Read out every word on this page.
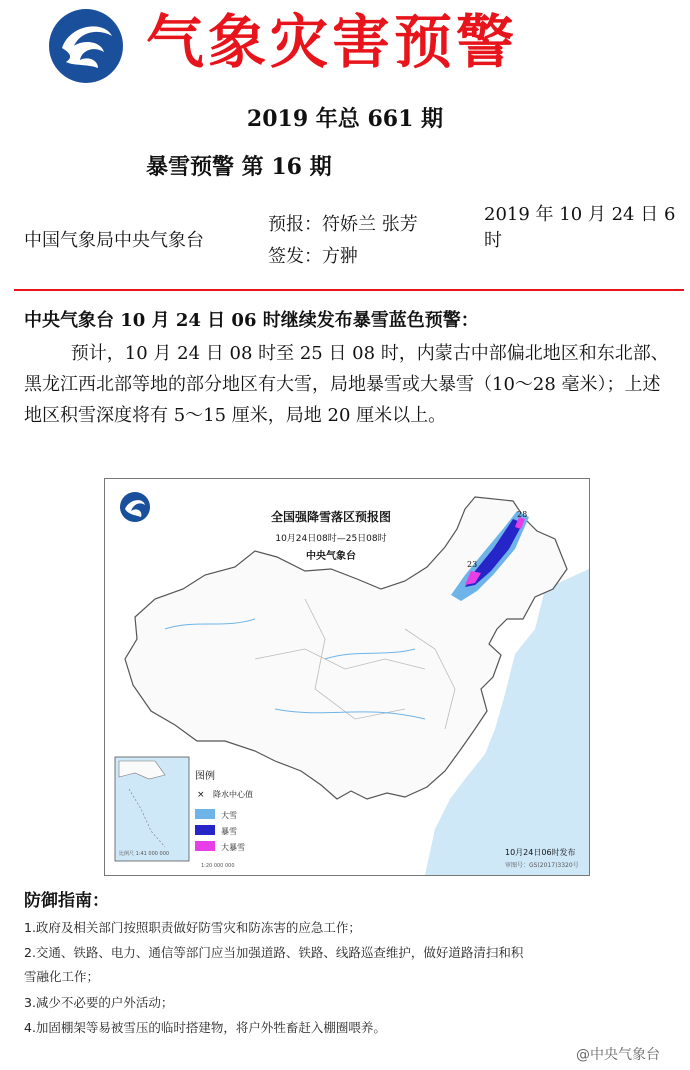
气象灾害预警
2019 年总 661 期
暴雪预警 第 16 期
中国气象局中央气象台
预报：符娇兰 张芳
签发：方翀
2019 年 10 月 24 日 6 时
中央气象台 10 月 24 日 06 时继续发布暴雪蓝色预警：
预计，10 月 24 日 08 时至 25 日 08 时，内蒙古中部偏北地区和东北部、黑龙江西北部等地的部分地区有大雪，局地暴雪或大暴雪（10～28 毫米）；上述地区积雪深度将有 5～15 厘米，局地 20 厘米以上。
28
23
全国强降雪落区预报图
10月24日08时—25日08时
中央气象台
比例尺 1:41 000 000
图例
× 降水中心值
大雪
暴雪
大暴雪
1:20 000 000
10月24日06时发布
审图号：GS(2017)3320号
防御指南：
1.政府及相关部门按照职责做好防雪灾和防冻害的应急工作；
2.交通、铁路、电力、通信等部门应当加强道路、铁路、线路巡查维护，做好道路清扫和积
雪融化工作；
3.减少不必要的户外活动；
4.加固棚架等易被雪压的临时搭建物，将户外牲畜赶入棚圈喂养。
@中央气象台
